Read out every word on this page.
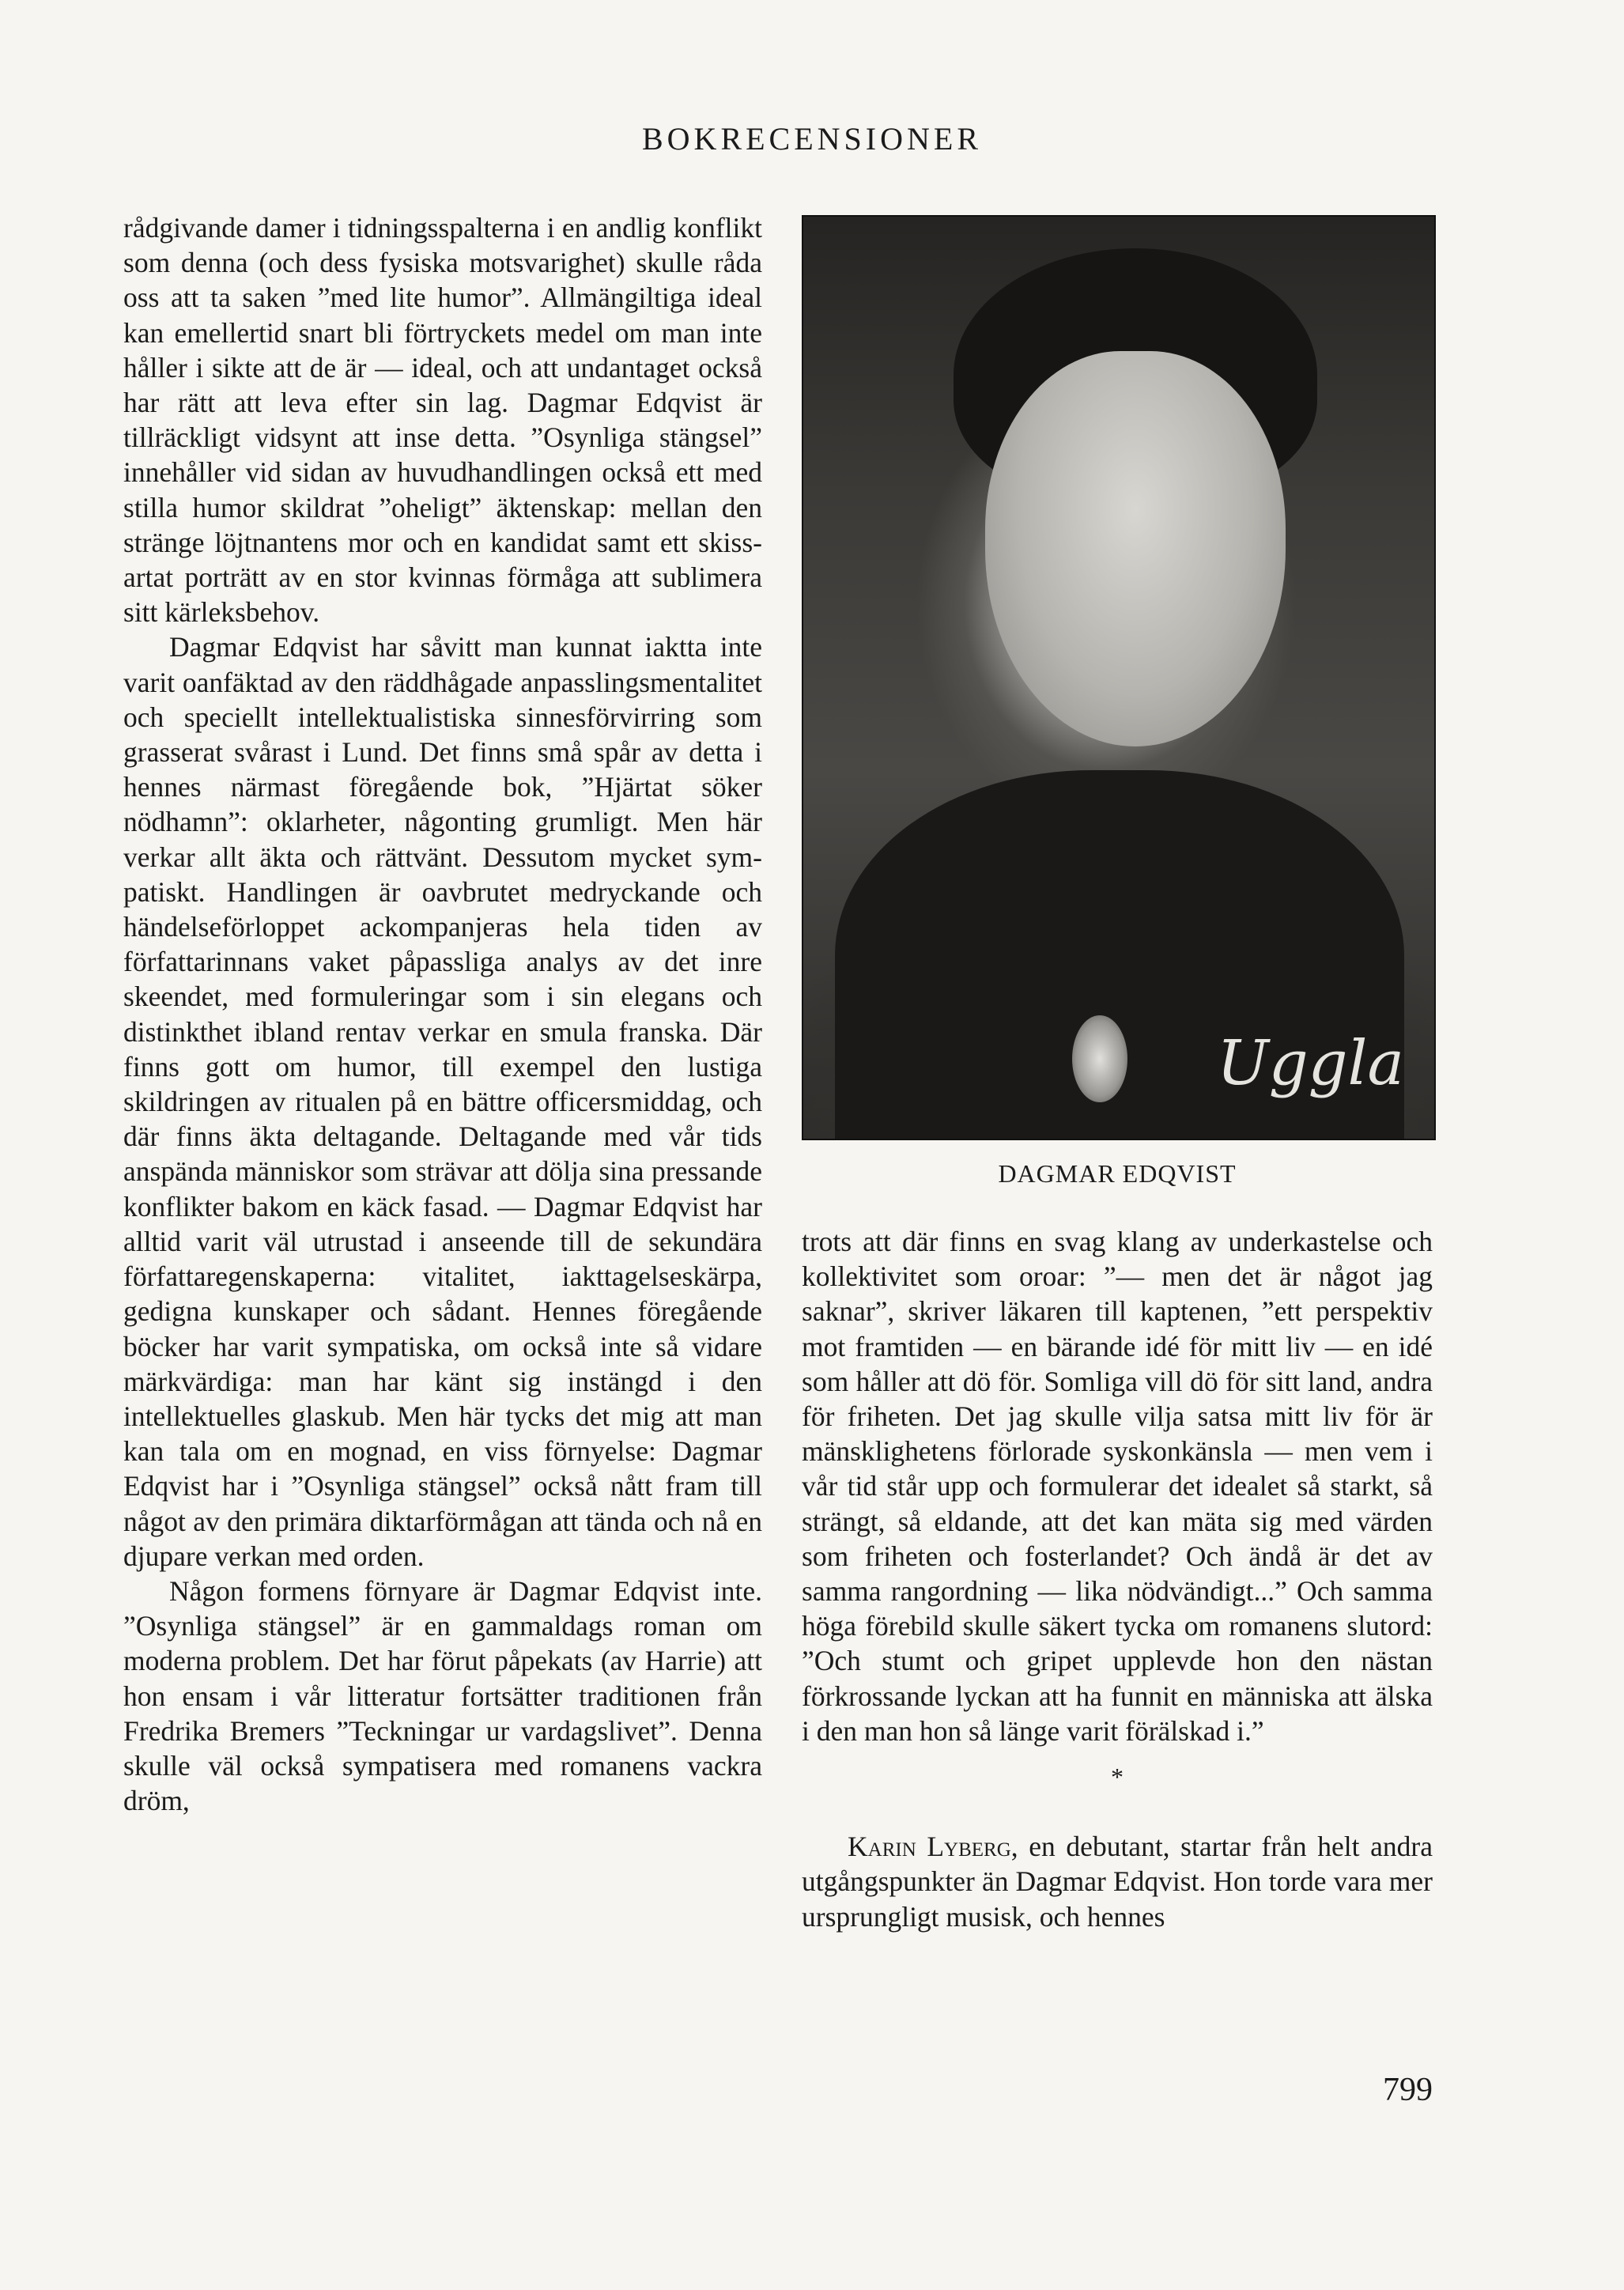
BOKRECENSIONER

rådgivande damer i tidningsspalterna i en andlig konflikt som denna (och dess fysiska motsvarighet) skulle råda oss att ta saken ”med lite humor”. Allmängiltiga ideal kan emellertid snart bli förtryckets medel om man inte håller i sikte att de är — ideal, och att undantaget också har rätt att leva efter sin lag. Dagmar Edqvist är tillräckligt vidsynt att inse detta. ”Osynliga stängsel” innehåller vid sidan av huvudhandlingen också ett med stilla humor skildrat ”oheligt” äktenskap: mellan den stränge löjtnantens mor och en kandidat samt ett skissartat porträtt av en stor kvinnas förmåga att sublimera sitt kärleksbehov.

Dagmar Edqvist har såvitt man kunnat iaktta inte varit oanfäktad av den räddhågade anpasslingsmentalitet och speciellt intellektualistiska sinnesförvirring som grasserat svårast i Lund. Det finns små spår av detta i hennes närmast föregående bok, ”Hjärtat söker nödhamn”: oklarheter, någonting grumligt. Men här verkar allt äkta och rättvänt. Dessutom mycket sympatiskt. Handlingen är oavbrutet medryckande och händelseförloppet ackompanjeras hela tiden av författarinnans vaket påpassliga analys av det inre skeendet, med formuleringar som i sin elegans och distinkthet ibland rentav verkar en smula franska. Där finns gott om humor, till exempel den lustiga skildringen av ritualen på en bättre officersmiddag, och där finns äkta deltagande. Deltagande med vår tids anspända människor som strävar att dölja sina pressande konflikter bakom en käck fasad. — Dagmar Edqvist har alltid varit väl utrustad i anseende till de sekundära författaregenskaperna: vitalitet, iakttagelseskärpa, gedigna kunskaper och sådant. Hennes föregående böcker har varit sympatiska, om också inte så vidare märkvärdiga: man har känt sig instängd i den intellektuelles glaskub. Men här tycks det mig att man kan tala om en mognad, en viss förnyelse: Dagmar Edqvist har i ”Osynliga stängsel” också nått fram till något av den primära diktarförmågan att tända och nå en djupare verkan med orden.

Någon formens förnyare är Dagmar Edqvist inte. ”Osynliga stängsel” är en gammaldags roman om moderna problem. Det har förut påpekats (av Harrie) att hon ensam i vår litteratur fortsätter traditionen från Fredrika Bremers ”Teckningar ur vardagslivet”. Denna skulle väl också sympatisera med romanens vackra dröm,

Ugglа
DAGMAR EDQVIST

trots att där finns en svag klang av underkastelse och kollektivitet som oroar: ”— men det är något jag saknar”, skriver läkaren till kaptenen, ”ett perspektiv mot framtiden — en bärande idé för mitt liv — en idé som håller att dö för. Somliga vill dö för sitt land, andra för friheten. Det jag skulle vilja satsa mitt liv för är mänsklighetens förlorade syskonkänsla — men vem i vår tid står upp och formulerar det idealet så starkt, så strängt, så eldande, att det kan mäta sig med värden som friheten och fosterlandet? Och ändå är det av samma rangordning — lika nödvändigt...” Och samma höga förebild skulle säkert tycka om romanens slutord: ”Och stumt och gripet upplevde hon den nästan förkrossande lyckan att ha funnit en människa att älska i den man hon så länge varit förälskad i.”

*

Karin Lyberg, en debutant, startar från helt andra utgångspunkter än Dagmar Edqvist. Hon torde vara mer ursprungligt musisk, och hennes

799
